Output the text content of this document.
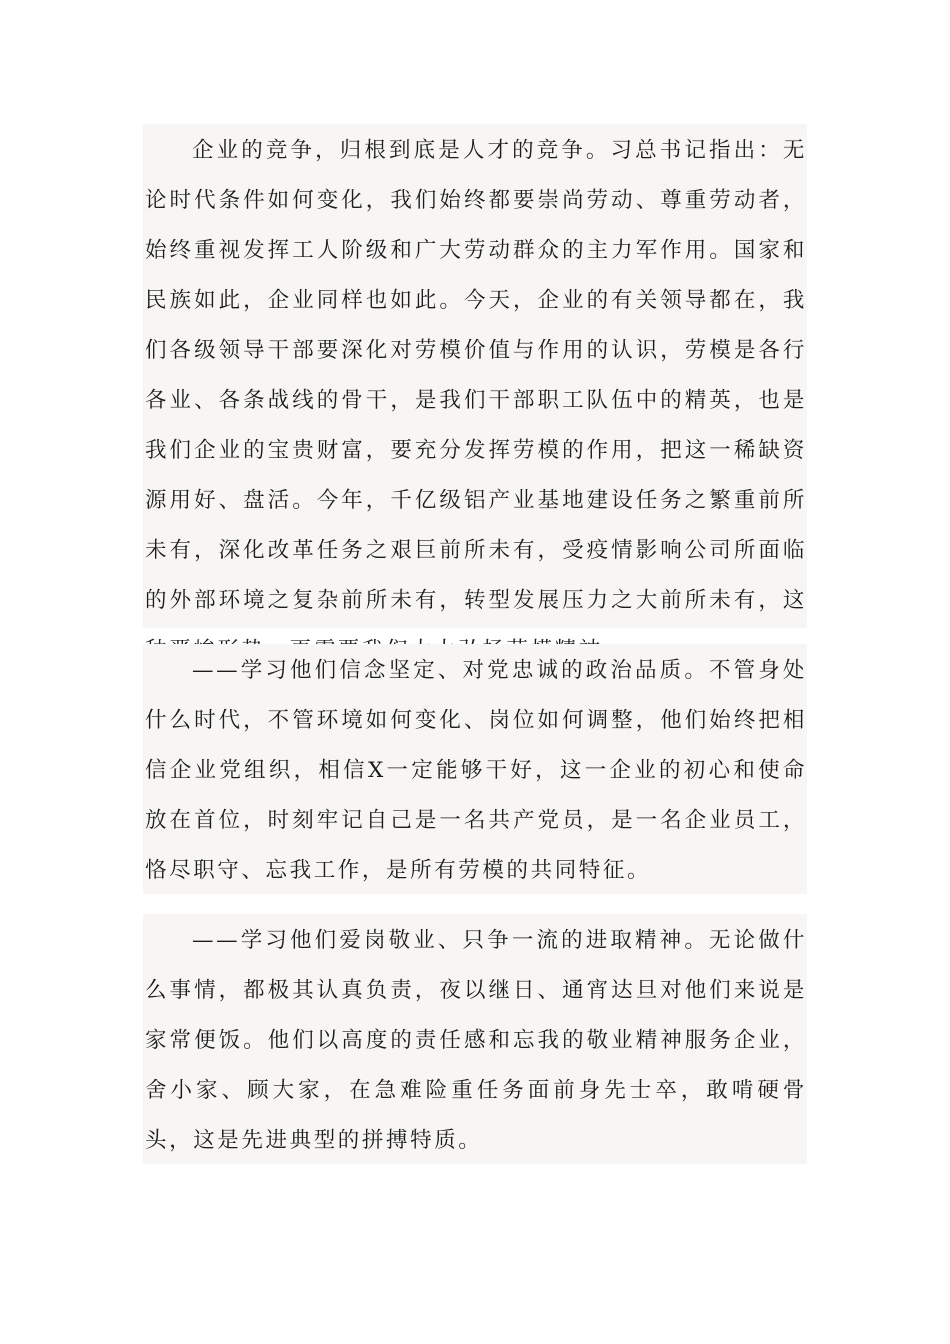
企业的竞争，归根到底是人才的竞争。习总书记指出：无论时代条件如何变化，我们始终都要崇尚劳动、尊重劳动者，始终重视发挥工人阶级和广大劳动群众的主力军作用。国家和民族如此，企业同样也如此。今天，企业的有关领导都在，我们各级领导干部要深化对劳模价值与作用的认识，劳模是各行各业、各条战线的骨干，是我们干部职工队伍中的精英，也是我们企业的宝贵财富，要充分发挥劳模的作用，把这一稀缺资源用好、盘活。今年，千亿级铝产业基地建设任务之繁重前所未有，深化改革任务之艰巨前所未有，受疫情影响公司所面临的外部环境之复杂前所未有，转型发展压力之大前所未有，这

——学习他们信念坚定、对党忠诚的政治品质。不管身处什么时代，不管环境如何变化、岗位如何调整，他们始终把相信企业党组织，相信X一定能够干好，这一企业的初心和使命放在首位，时刻牢记自己是一名共产党员，是一名企业员工，恪尽职守、忘我工作，是所有劳模的共同特征。

——学习他们爱岗敬业、只争一流的进取精神。无论做什么事情，都极其认真负责，夜以继日、通宵达旦对他们来说是家常便饭。他们以高度的责任感和忘我的敬业精神服务企业，舍小家、顾大家，在急难险重任务面前身先士卒，敢啃硬骨头，这是先进典型的拼搏特质。
